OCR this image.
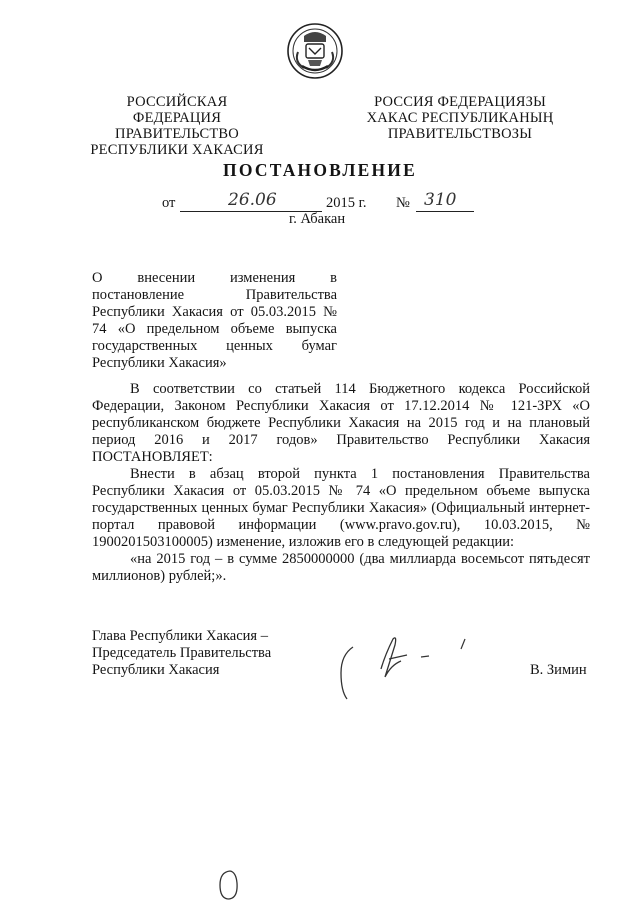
РОССИЙСКАЯ ФЕДЕРАЦИЯ
ПРАВИТЕЛЬСТВО
РЕСПУБЛИКИ ХАКАСИЯ
РОССИЯ ФЕДЕРАЦИЯЗЫ
ХАКАС РЕСПУБЛИКАНЫҢ
ПРАВИТЕЛЬСТВОЗЫ
ПОСТАНОВЛЕНИЕ
от	26.06	2015 г. № 310
г. Абакан
О внесении изменения в постановление Правительства Республики Хакасия от 05.03.2015 № 74 «О предельном объеме выпуска государственных ценных бумаг Республики Хакасия»

В соответствии со статьей 114 Бюджетного кодекса Российской Федерации, Законом Республики Хакасия от 17.12.2014 № 121-ЗРХ «О республиканском бюджете Республики Хакасия на 2015 год и на плановый период 2016 и 2017 годов» Правительство Республики Хакасия ПОСТАНОВЛЯЕТ:

Внести в абзац второй пункта 1 постановления Правительства Республики Хакасия от 05.03.2015 № 74 «О предельном объеме выпуска государственных ценных бумаг Республики Хакасия» (Официальный интернет-портал правовой информации (www.pravo.gov.ru), 10.03.2015, № 1900201503100005) изменение, изложив его в следующей редакции:

«на 2015 год – в сумме 2850000000 (два миллиарда восемьсот пятьдесят миллионов) рублей;».

Глава Республики Хакасия –
Председатель Правительства
Республики Хакасия	В. Зимин
